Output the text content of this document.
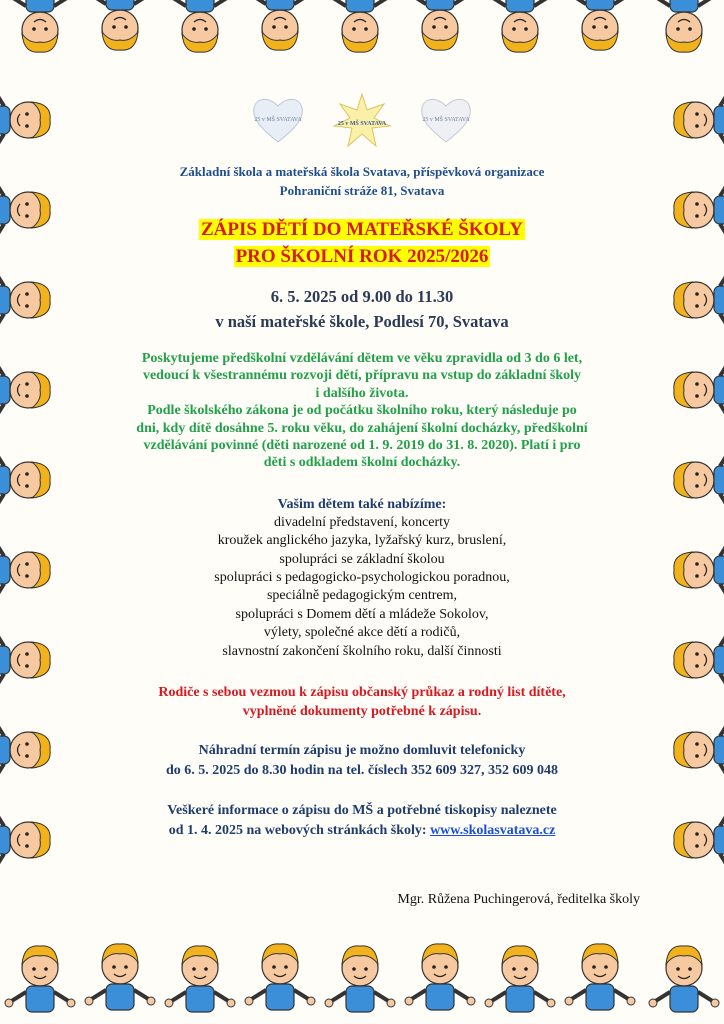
25 v MŠ SVATAVA
25 v MŠ SVATAVA
25 v MŠ SVATAVA
Základní škola a mateřská škola Svatava, příspěvková organizace
Pohraniční stráže 81, Svatava
ZÁPIS DĚTÍ DO MATEŘSKÉ ŠKOLY
PRO ŠKOLNÍ ROK 2025/2026
6. 5. 2025 od 9.00 do 11.30
v naší mateřské škole, Podlesí 70, Svatava
Poskytujeme předškolní vzdělávání dětem ve věku zpravidla od 3 do 6 let,
vedoucí k všestrannému rozvoji dětí, přípravu na vstup do základní školy
i dalšího života.
Podle školského zákona je od počátku školního roku, který následuje po
dni, kdy dítě dosáhne 5. roku věku, do zahájení školní docházky, předškolní
vzdělávání povinné (děti narozené od 1. 9. 2019 do 31. 8. 2020). Platí i pro
děti s odkladem školní docházky.
Vašim dětem také nabízíme:
divadelní představení, koncerty
kroužek anglického jazyka, lyžařský kurz, bruslení,
spolupráci se základní školou
spolupráci s pedagogicko-psychologickou poradnou,
speciálně pedagogickým centrem,
spolupráci s Domem dětí a mládeže Sokolov,
výlety, společné akce dětí a rodičů,
slavnostní zakončení školního roku, další činnosti
Rodiče s sebou vezmou k zápisu občanský průkaz a rodný list dítěte,
vyplněné dokumenty potřebné k zápisu.
Náhradní termín zápisu je možno domluvit telefonicky
do 6. 5. 2025 do 8.30 hodin na tel. číslech 352 609 327, 352 609 048
Veškeré informace o zápisu do MŠ a potřebné tiskopisy naleznete
od 1. 4. 2025 na webových stránkách školy: www.skolasvatava.cz
Mgr. Růžena Puchingerová, ředitelka školy
